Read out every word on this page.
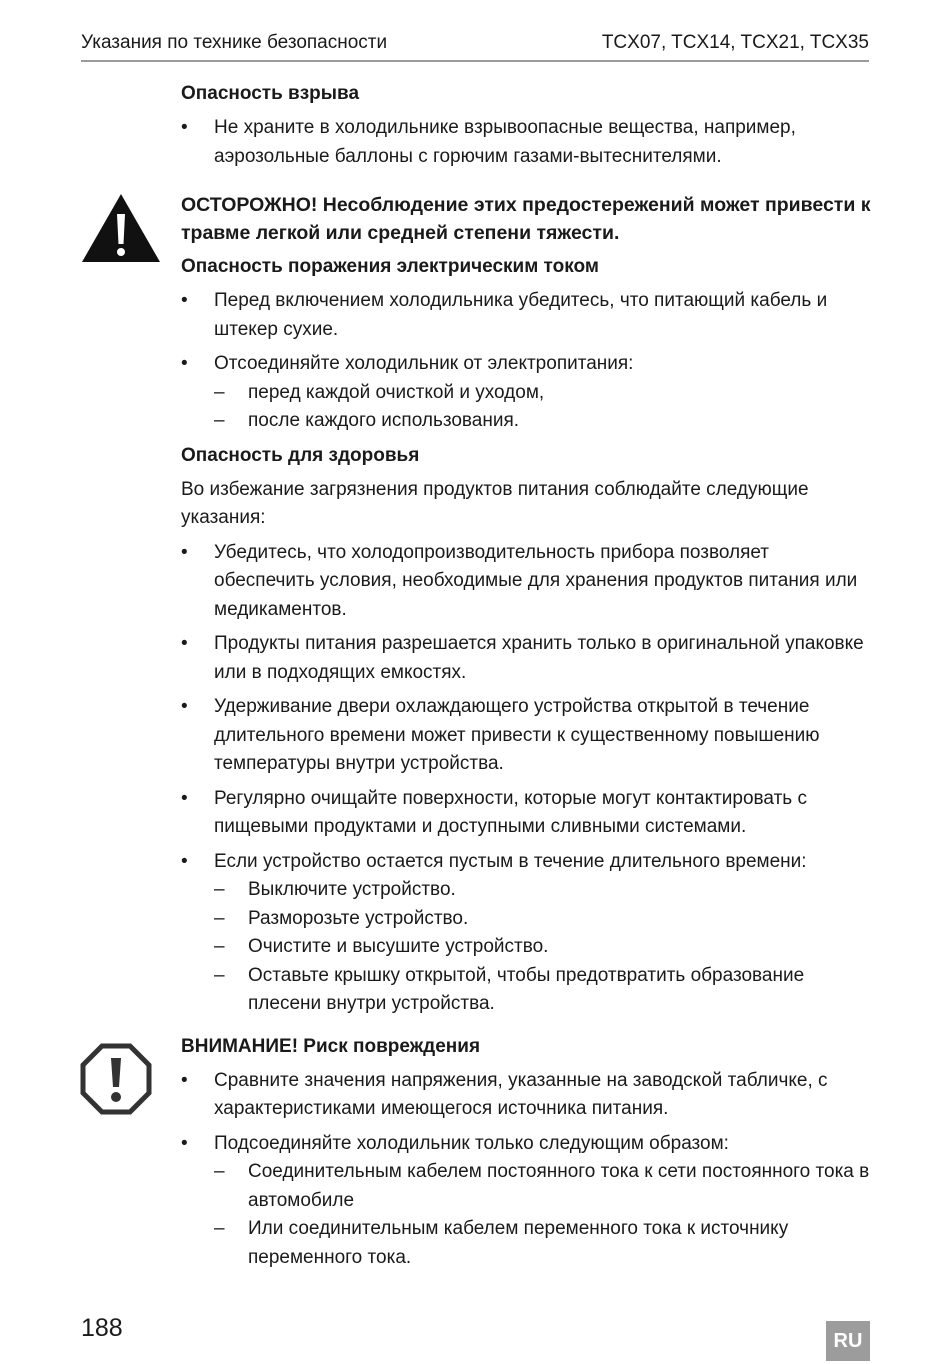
Указания по технике безопасности	TCX07, TCX14, TCX21, TCX35
Опасность взрыва
• Не храните в холодильнике взрывоопасные вещества, например, аэрозольные баллоны с горючим газами-вытеснителями.
ОСТОРОЖНО! Несоблюдение этих предостережений может привести к травме легкой или средней степени тяжести.
Опасность поражения электрическим током
• Перед включением холодильника убедитесь, что питающий кабель и штекер сухие.
• Отсоединяйте холодильник от электропитания:
– перед каждой очисткой и уходом,
– после каждого использования.
Опасность для здоровья
Во избежание загрязнения продуктов питания соблюдайте следующие указания:
• Убедитесь, что холодопроизводительность прибора позволяет обеспечить условия, необходимые для хранения продуктов питания или медикаментов.
• Продукты питания разрешается хранить только в оригинальной упаковке или в подходящих емкостях.
• Удерживание двери охлаждающего устройства открытой в течение длительного времени может привести к существенному повышению температуры внутри устройства.
• Регулярно очищайте поверхности, которые могут контактировать с пищевыми продуктами и доступными сливными системами.
• Если устройство остается пустым в течение длительного времени:
– Выключите устройство.
– Разморозьте устройство.
– Очистите и высушите устройство.
– Оставьте крышку открытой, чтобы предотвратить образование плесени внутри устройства.
ВНИМАНИЕ! Риск повреждения
• Сравните значения напряжения, указанные на заводской табличке, с характеристиками имеющегося источника питания.
• Подсоединяйте холодильник только следующим образом:
– Соединительным кабелем постоянного тока к сети постоянного тока в автомобиле
– Или соединительным кабелем переменного тока к источнику переменного тока.
188	RU
